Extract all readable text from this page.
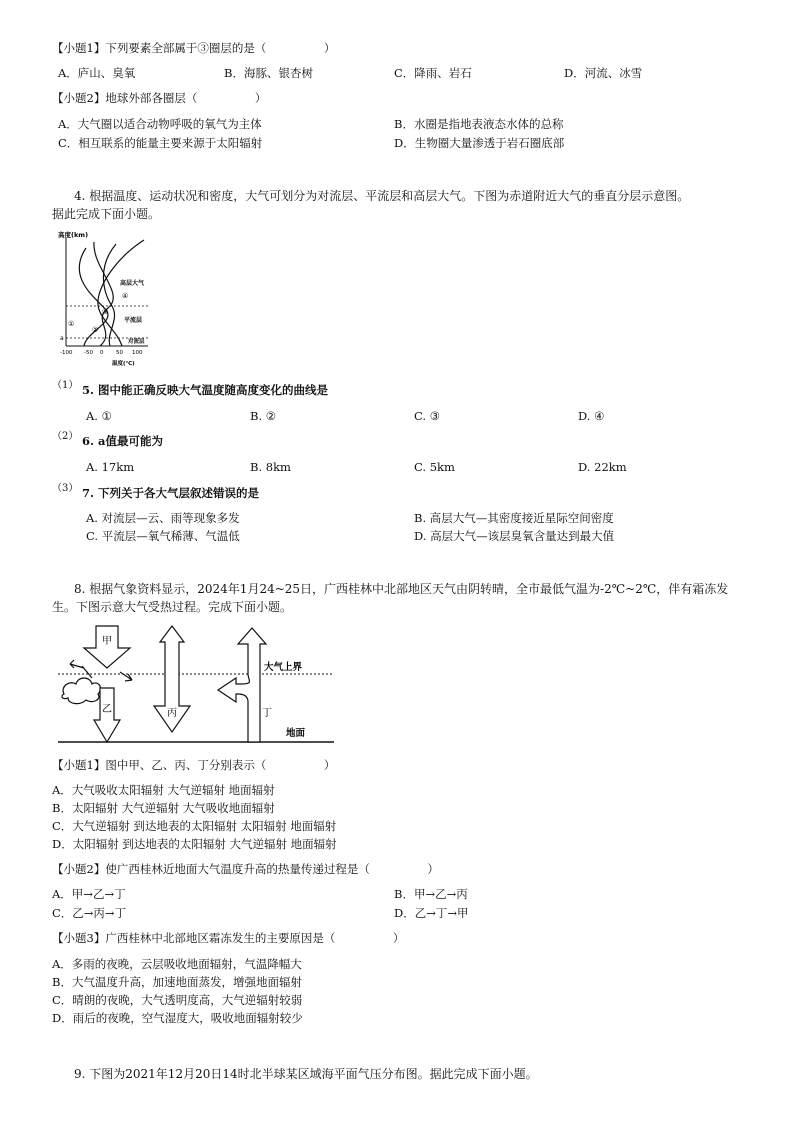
【小题1】下列要素全部属于③圈层的是（　　　　　）
A．庐山、臭氧	B．海豚、银杏树	C．降雨、岩石	D．河流、冰雪
【小题2】地球外部各圈层（　　　　　）
A．大气圈以适合动物呼吸的氧气为主体	B．水圈是指地表液态水体的总称
C．相互联系的能量主要来源于太阳辐射	D．生物圈大量渗透于岩石圈底部
4. 根据温度、运动状况和密度，大气可划分为对流层、平流层和高层大气。下图为赤道附近大气的垂直分层示意图。
据此完成下面小题。
高度(km)
高层大气
平流层
对流层
①
②
③
④
a
-100 -50 0 50 100
温度(℃)
（1） 5. 图中能正确反映大气温度随高度变化的曲线是
A. ①	B. ②	C. ③	D. ④
（2） 6. a值最可能为
A. 17km	B. 8km	C. 5km	D. 22km
（3） 7. 下列关于各大气层叙述错误的是
A. 对流层—云、雨等现象多发	B. 高层大气—其密度接近星际空间密度
C. 平流层—氧气稀薄、气温低	D. 高层大气—该层臭氧含量达到最大值
8. 根据气象资料显示，2024年1月24~25日，广西桂林中北部地区天气由阴转晴，全市最低气温为-2℃~2℃，伴有霜冻发
生。下图示意大气受热过程。完成下面小题。
甲
乙	丙	丁
大气上界
地面
【小题1】图中甲、乙、丙、丁分别表示（　　　　　）
A．大气吸收太阳辐射 大气逆辐射 地面辐射
B．太阳辐射 大气逆辐射 大气吸收地面辐射
C．大气逆辐射 到达地表的太阳辐射 太阳辐射 地面辐射
D．太阳辐射 到达地表的太阳辐射 大气逆辐射 地面辐射
【小题2】使广西桂林近地面大气温度升高的热量传递过程是（　　　　　）
A．甲→乙→丁	B．甲→乙→丙
C．乙→丙→丁	D．乙→丁→甲
【小题3】广西桂林中北部地区霜冻发生的主要原因是（　　　　　）
A．多雨的夜晚，云层吸收地面辐射，气温降幅大
B．大气温度升高，加速地面蒸发，增强地面辐射
C．晴朗的夜晚，大气透明度高，大气逆辐射较弱
D．雨后的夜晚，空气湿度大，吸收地面辐射较少
9. 下图为2021年12月20日14时北半球某区域海平面气压分布图。据此完成下面小题。
